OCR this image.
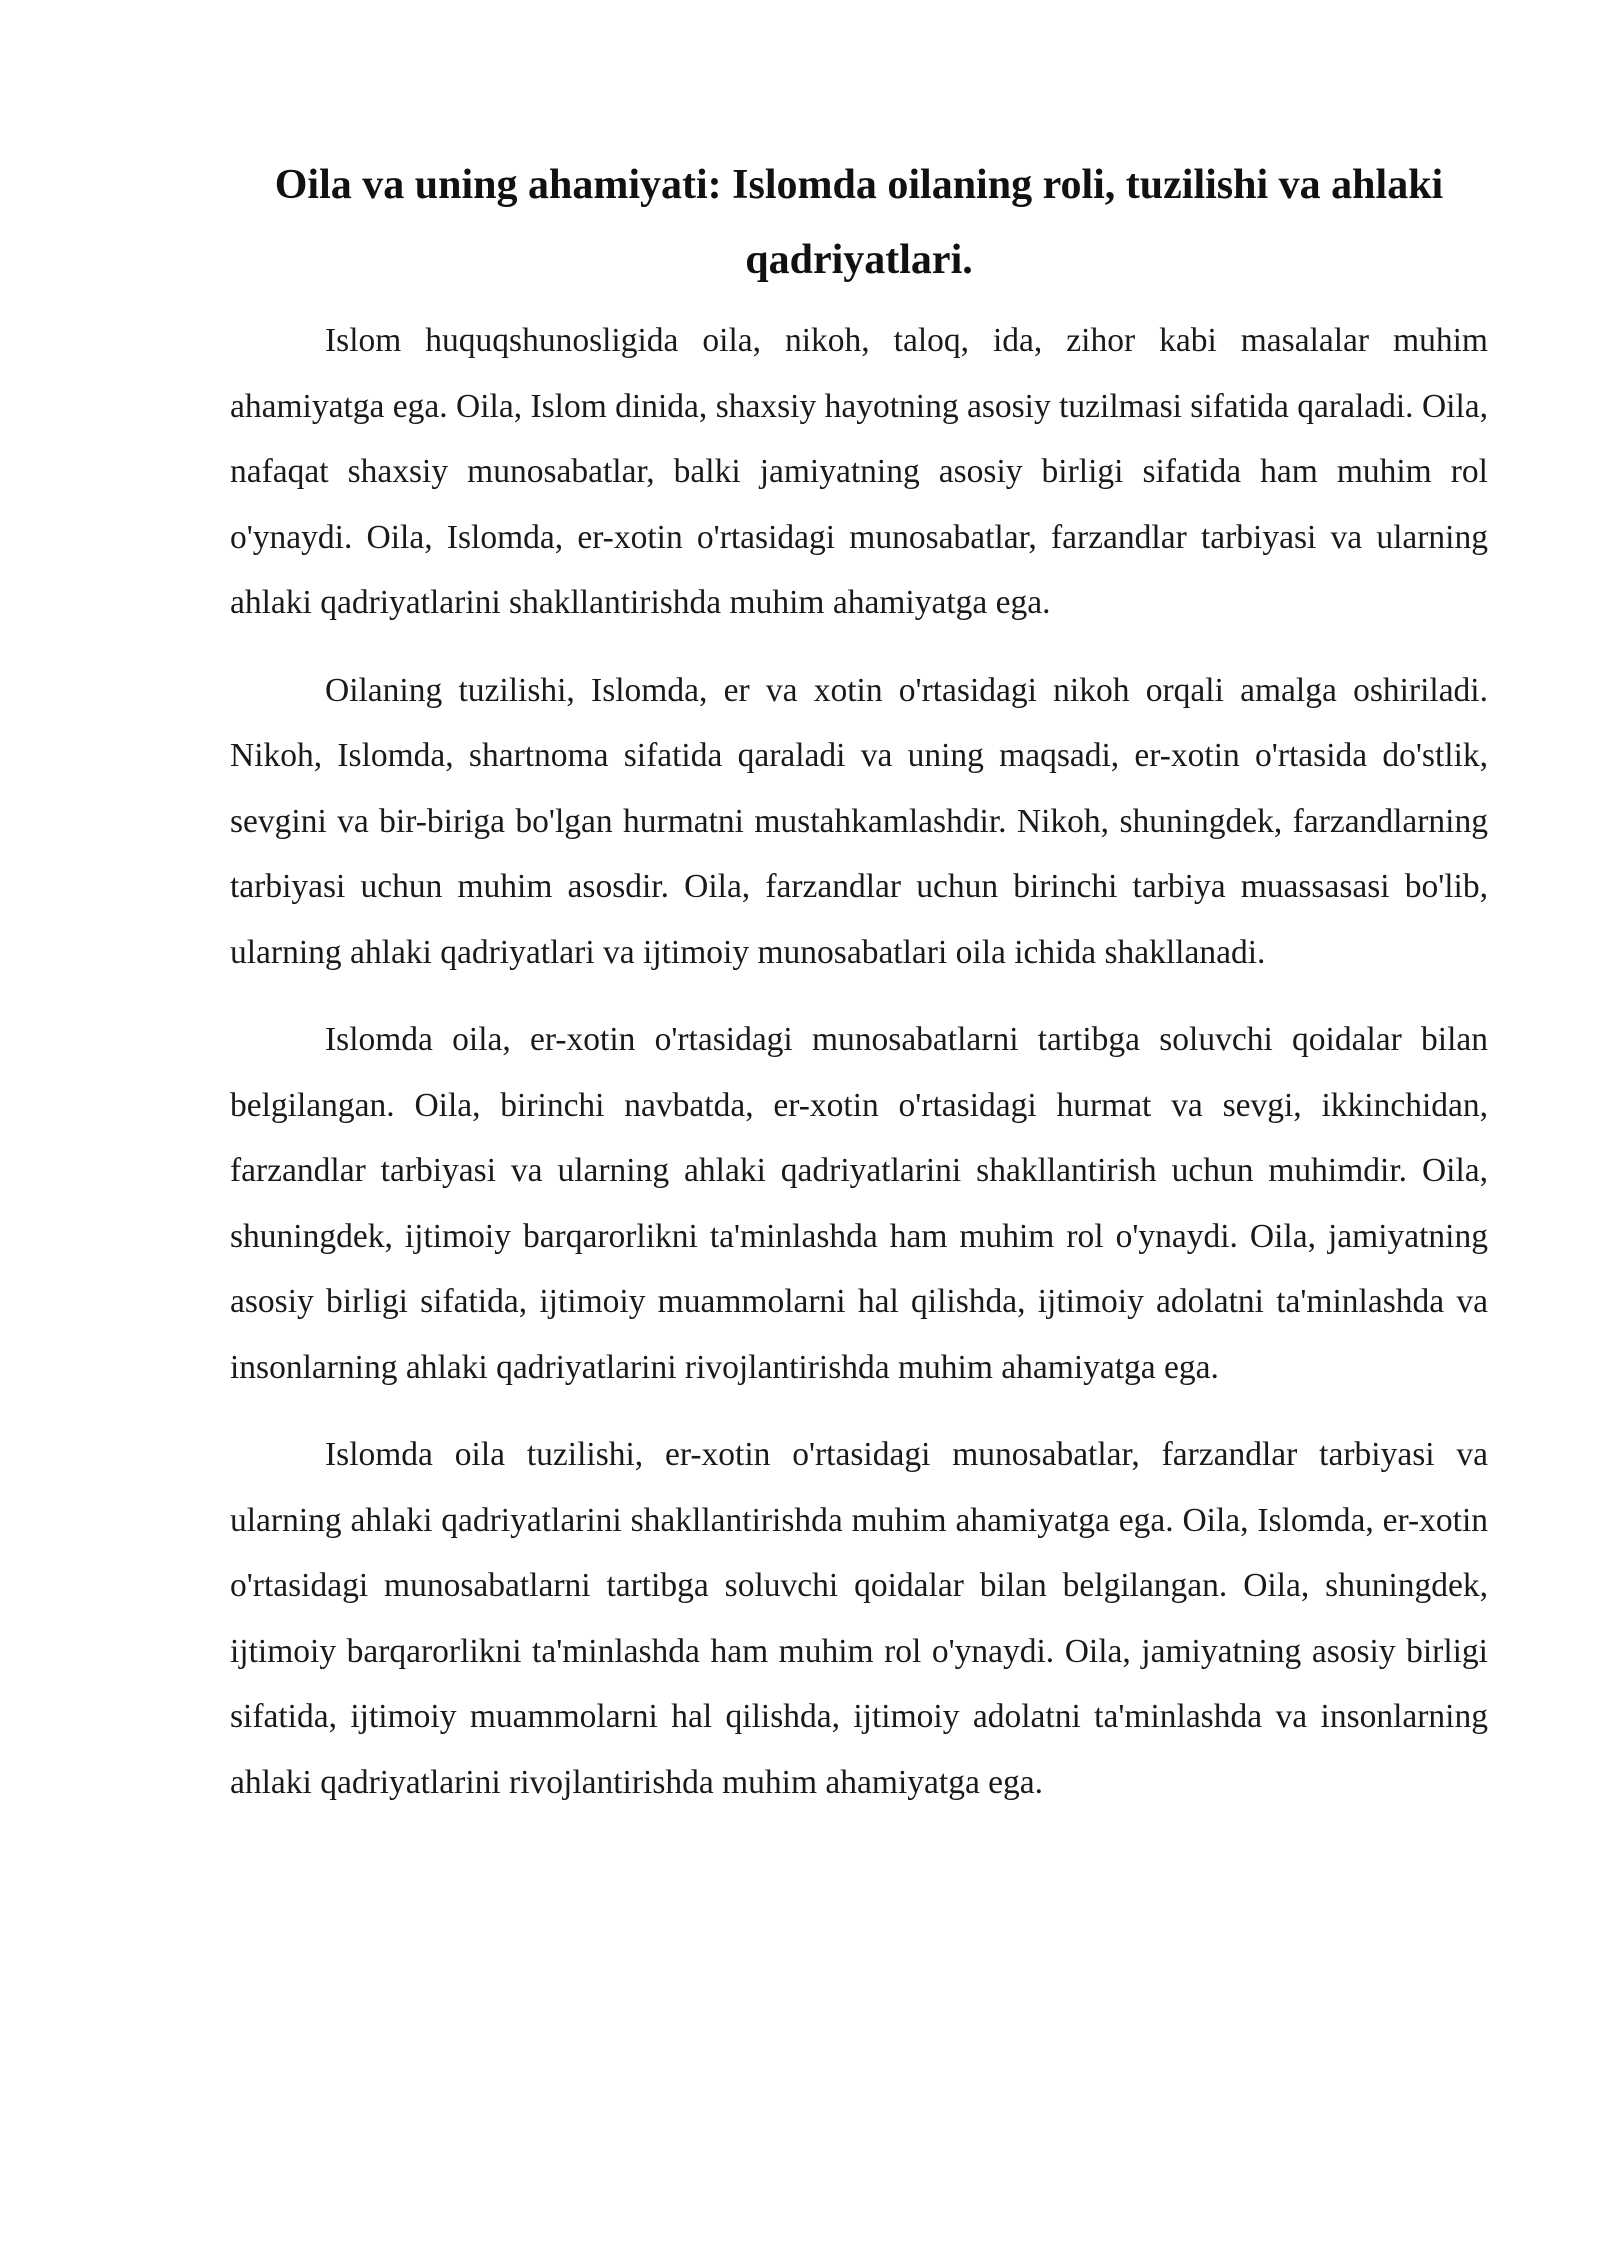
Oila va uning ahamiyati: Islomda oilaning roli, tuzilishi va ahlaki qadriyatlari.

Islom huquqshunosligida oila, nikoh, taloq, ida, zihor kabi masalalar muhim ahamiyatga ega. Oila, Islom dinida, shaxsiy hayotning asosiy tuzilmasi sifatida qaraladi. Oila, nafaqat shaxsiy munosabatlar, balki jamiyatning asosiy birligi sifatida ham muhim rol o'ynaydi. Oila, Islomda, er-xotin o'rtasidagi munosabatlar, farzandlar tarbiyasi va ularning ahlaki qadriyatlarini shakllantirishda muhim ahamiyatga ega.

Oilaning tuzilishi, Islomda, er va xotin o'rtasidagi nikoh orqali amalga oshiriladi. Nikoh, Islomda, shartnoma sifatida qaraladi va uning maqsadi, er-xotin o'rtasida do'stlik, sevgini va bir-biriga bo'lgan hurmatni mustahkamlashdir. Nikoh, shuningdek, farzandlarning tarbiyasi uchun muhim asosdir. Oila, farzandlar uchun birinchi tarbiya muassasasi bo'lib, ularning ahlaki qadriyatlari va ijtimoiy munosabatlari oila ichida shakllanadi.

Islomda oila, er-xotin o'rtasidagi munosabatlarni tartibga soluvchi qoidalar bilan belgilangan. Oila, birinchi navbatda, er-xotin o'rtasidagi hurmat va sevgi, ikkinchidan, farzandlar tarbiyasi va ularning ahlaki qadriyatlarini shakllantirish uchun muhimdir. Oila, shuningdek, ijtimoiy barqarorlikni ta'minlashda ham muhim rol o'ynaydi. Oila, jamiyatning asosiy birligi sifatida, ijtimoiy muammolarni hal qilishda, ijtimoiy adolatni ta'minlashda va insonlarning ahlaki qadriyatlarini rivojlantirishda muhim ahamiyatga ega.

Islomda oila tuzilishi, er-xotin o'rtasidagi munosabatlar, farzandlar tarbiyasi va ularning ahlaki qadriyatlarini shakllantirishda muhim ahamiyatga ega. Oila, Islomda, er-xotin o'rtasidagi munosabatlarni tartibga soluvchi qoidalar bilan belgilangan. Oila, shuningdek, ijtimoiy barqarorlikni ta'minlashda ham muhim rol o'ynaydi. Oila, jamiyatning asosiy birligi sifatida, ijtimoiy muammolarni hal qilishda, ijtimoiy adolatni ta'minlashda va insonlarning ahlaki qadriyatlarini rivojlantirishda muhim ahamiyatga ega.
